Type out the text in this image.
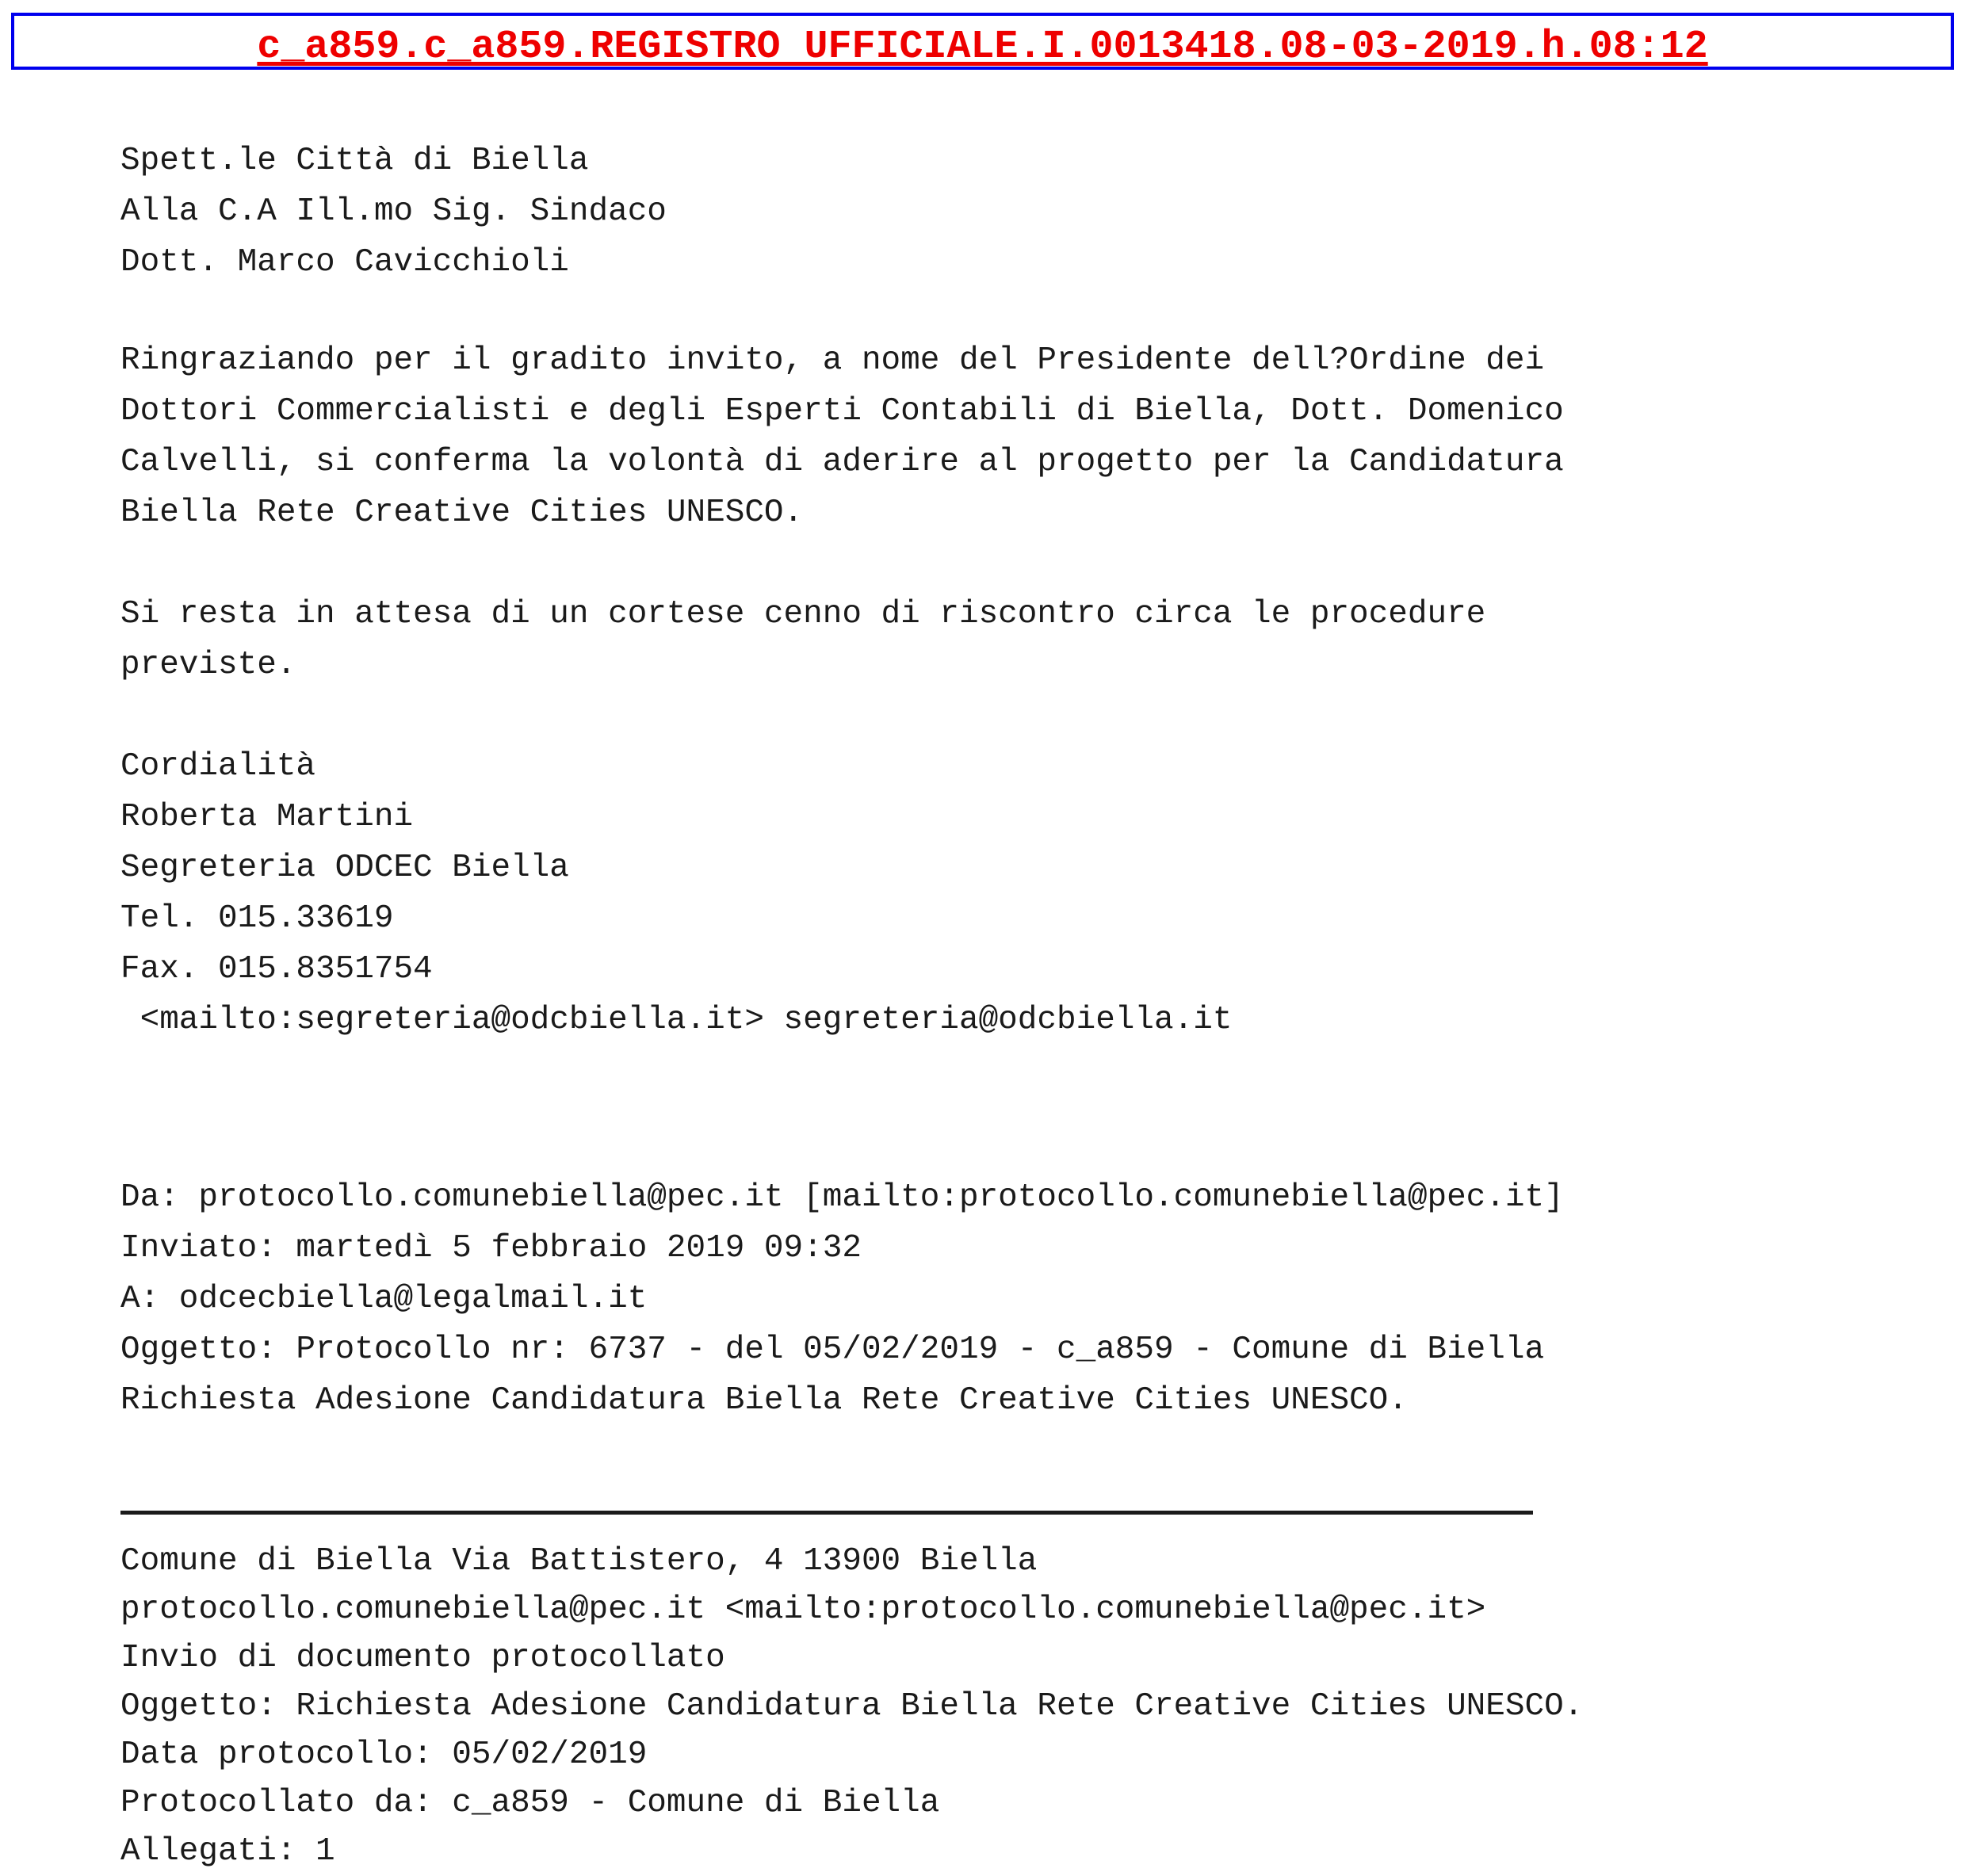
c_a859.c_a859.REGISTRO UFFICIALE.I.0013418.08-03-2019.h.08:12
Spett.le Città di Biella
Alla C.A Ill.mo Sig. Sindaco
Dott. Marco Cavicchioli
Ringraziando per il gradito invito, a nome del Presidente dell?Ordine dei
Dottori Commercialisti e degli Esperti Contabili di Biella, Dott. Domenico
Calvelli, si conferma la volontà di aderire al progetto per la Candidatura
Biella Rete Creative Cities UNESCO.
Si resta in attesa di un cortese cenno di riscontro circa le procedure
previste.
Cordialità
Roberta Martini
Segreteria ODCEC Biella
Tel. 015.33619
Fax. 015.8351754
<mailto:segreteria@odcbiella.it> segreteria@odcbiella.it
Da: protocollo.comunebiella@pec.it [mailto:protocollo.comunebiella@pec.it]
Inviato: martedì 5 febbraio 2019 09:32
A: odcecbiella@legalmail.it
Oggetto: Protocollo nr: 6737 - del 05/02/2019 - c_a859 - Comune di Biella
Richiesta Adesione Candidatura Biella Rete Creative Cities UNESCO.
Comune di Biella Via Battistero, 4 13900 Biella
protocollo.comunebiella@pec.it <mailto:protocollo.comunebiella@pec.it>
Invio di documento protocollato
Oggetto: Richiesta Adesione Candidatura Biella Rete Creative Cities UNESCO.
Data protocollo: 05/02/2019
Protocollato da: c_a859 - Comune di Biella
Allegati: 1
